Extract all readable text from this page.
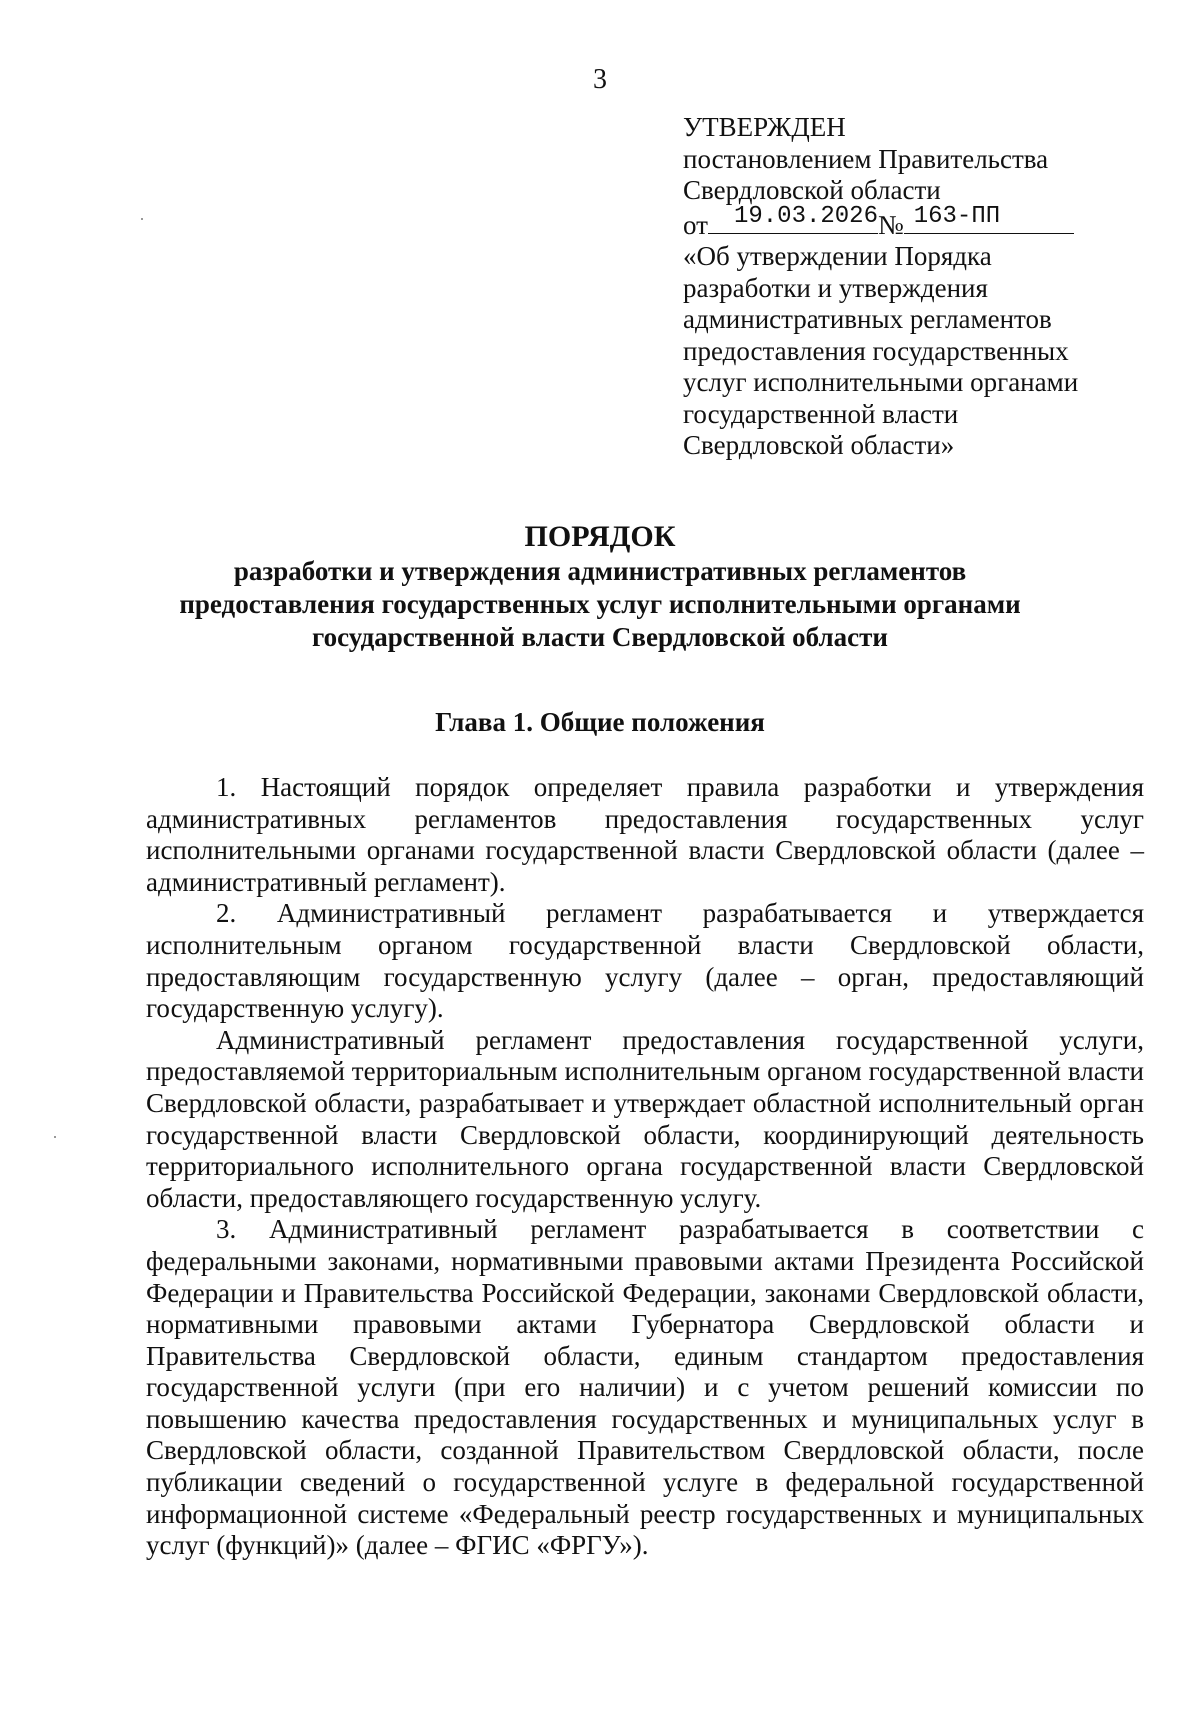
3
УТВЕРЖДЕН
постановлением Правительства
Свердловской области
от 19.03.2026 № 163-ПП
«Об утверждении Порядка
разработки и утверждения
административных регламентов
предоставления государственных
услуг исполнительными органами
государственной власти
Свердловской области»
ПОРЯДОК
разработки и утверждения административных регламентов
предоставления государственных услуг исполнительными органами
государственной власти Свердловской области
Глава 1. Общие положения

1. Настоящий порядок определяет правила разработки и утверждения административных регламентов предоставления государственных услуг исполнительными органами государственной власти Свердловской области (далее – административный регламент).

2. Административный регламент разрабатывается и утверждается исполнительным органом государственной власти Свердловской области, предоставляющим государственную услугу (далее – орган, предоставляющий государственную услугу).

Административный регламент предоставления государственной услуги, предоставляемой территориальным исполнительным органом государственной власти Свердловской области, разрабатывает и утверждает областной исполнительный орган государственной власти Свердловской области, координирующий деятельность территориального исполнительного органа государственной власти Свердловской области, предоставляющего государственную услугу.

3. Административный регламент разрабатывается в соответствии с федеральными законами, нормативными правовыми актами Президента Российской Федерации и Правительства Российской Федерации, законами Свердловской области, нормативными правовыми актами Губернатора Свердловской области и Правительства Свердловской области, единым стандартом предоставления государственной услуги (при его наличии) и с учетом решений комиссии по повышению качества предоставления государственных и муниципальных услуг в Свердловской области, созданной Правительством Свердловской области, после публикации сведений о государственной услуге в федеральной государственной информационной системе «Федеральный реестр государственных и муниципальных услуг (функций)» (далее – ФГИС «ФРГУ»).
